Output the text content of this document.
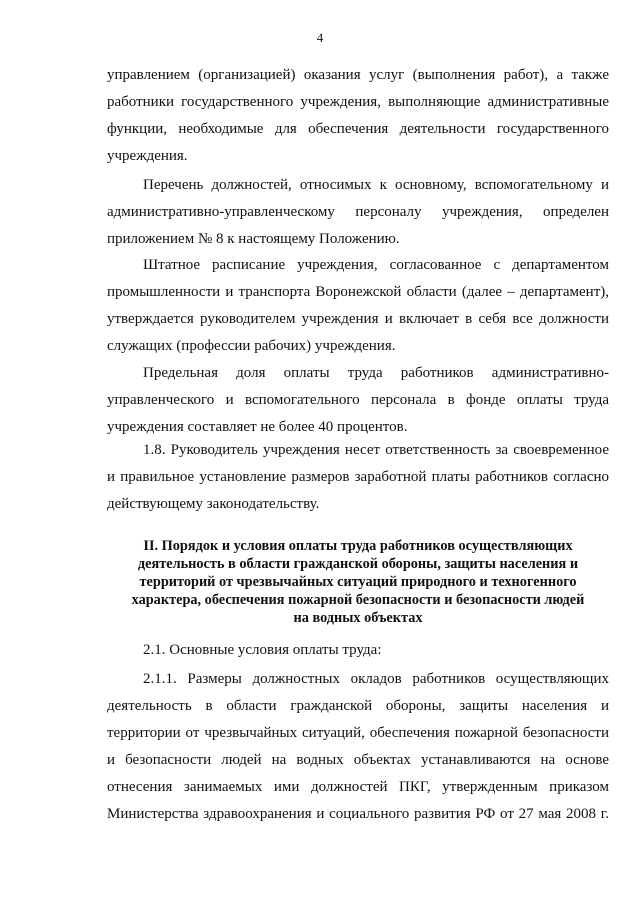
4
управлением (организацией) оказания услуг (выполнения работ), а также
работники государственного учреждения, выполняющие административные
функции, необходимые для обеспечения деятельности государственного
учреждения.
Перечень должностей, относимых к основному, вспомогательному и
административно-управленческому персоналу учреждения, определен
приложением № 8 к настоящему Положению.
Штатное расписание учреждения, согласованное с департаментом
промышленности и транспорта Воронежской области (далее – департамент),
утверждается руководителем учреждения и включает в себя все должности
служащих (профессии рабочих) учреждения.
Предельная доля оплаты труда работников административно-
управленческого и вспомогательного персонала в фонде оплаты труда
учреждения составляет не более 40 процентов.
1.8. Руководитель учреждения несет ответственность за своевременное
и правильное установление размеров заработной платы работников согласно
действующему законодательству.
II. Порядок и условия оплаты труда работников осуществляющих
деятельность в области гражданской обороны, защиты населения и
территорий от чрезвычайных ситуаций природного и техногенного
характера, обеспечения пожарной безопасности и безопасности людей
на водных объектах
2.1. Основные условия оплаты труда:
2.1.1. Размеры должностных окладов работников осуществляющих
деятельность в области гражданской обороны, защиты населения и
территории от чрезвычайных ситуаций, обеспечения пожарной безопасности
и безопасности людей на водных объектах устанавливаются на основе
отнесения занимаемых ими должностей ПКГ, утвержденным приказом
Министерства здравоохранения и социального развития РФ от 27 мая 2008 г.
